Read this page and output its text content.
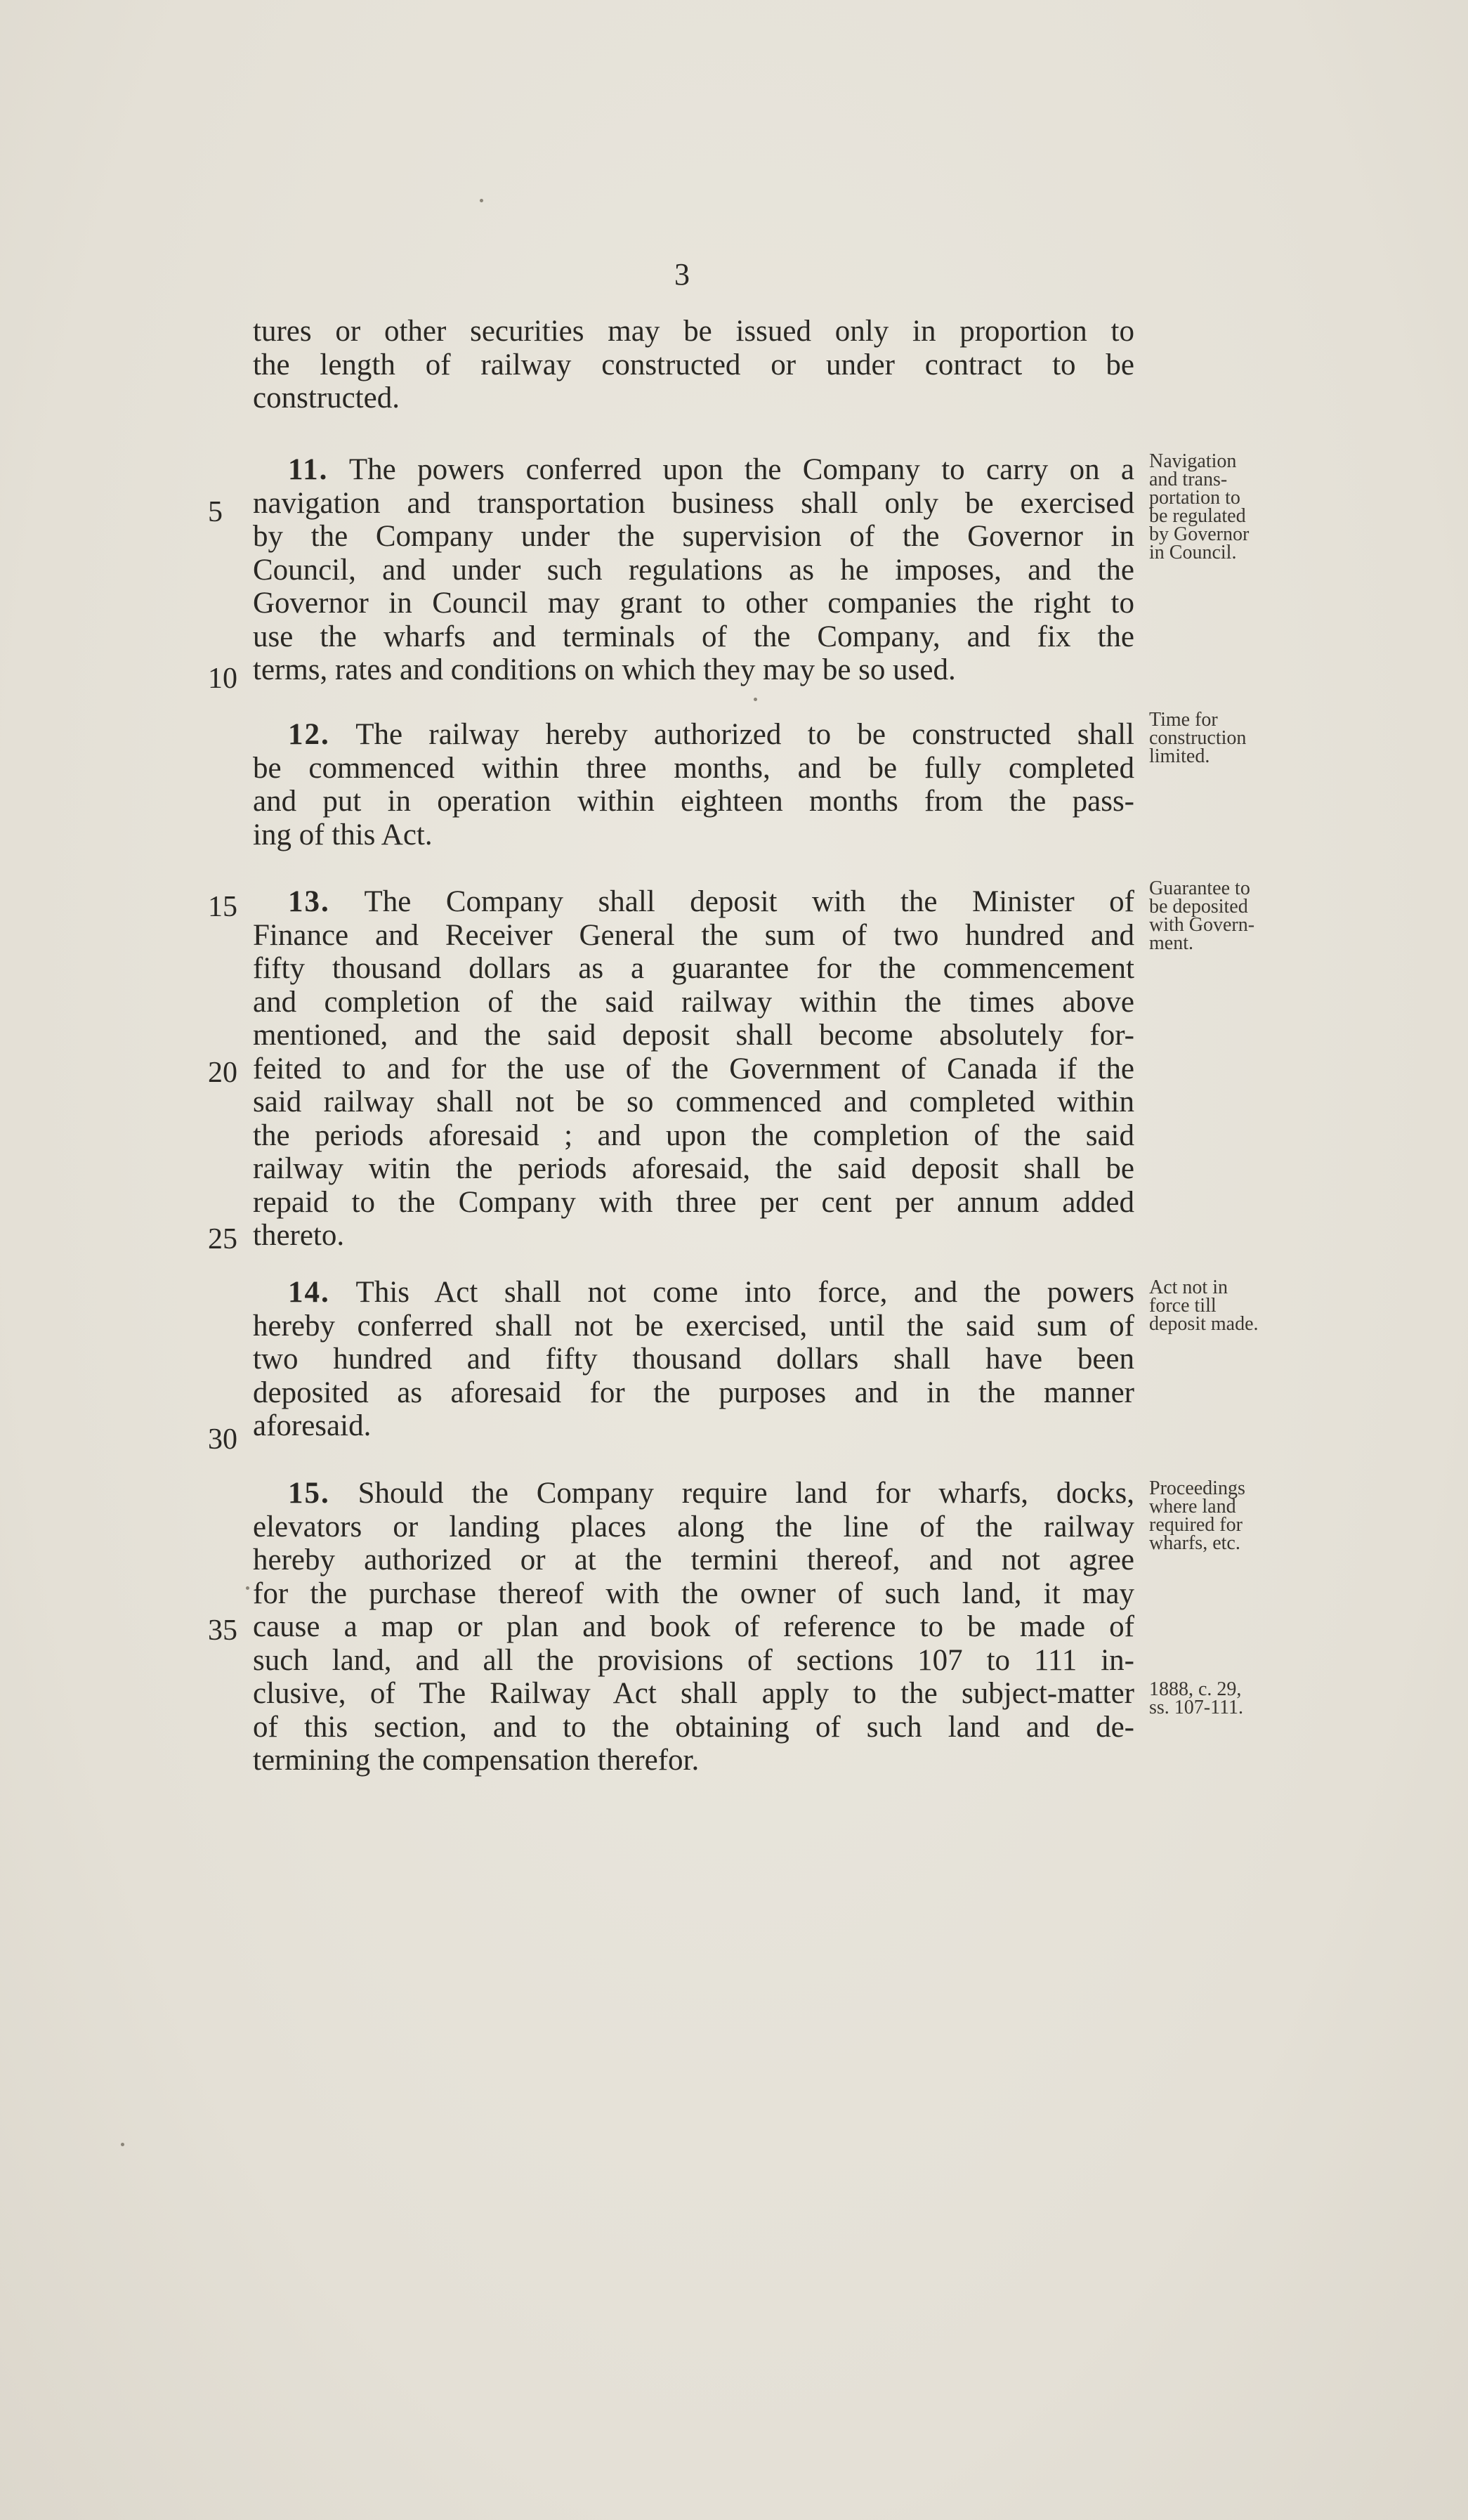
3
tures or other securities may be issued only in proportion to
the length of railway constructed or under contract to be
constructed.
11. The powers conferred upon the Company to carry on a
navigation and transportation business shall only be exercised
by the Company under the supervision of the Governor in
Council, and under such regulations as he imposes, and the
Governor in Council may grant to other companies the right to
use the wharfs and terminals of the Company, and fix the
terms, rates and conditions on which they may be so used.
Navigation
and trans-
portation to
be regulated
by Governor
in Council.
12. The railway hereby authorized to be constructed shall
be commenced within three months, and be fully completed
and put in operation within eighteen months from the pass-
ing of this Act.
Time for
construction
limited.
13. The Company shall deposit with the Minister of
Finance and Receiver General the sum of two hundred and
fifty thousand dollars as a guarantee for the commencement
and completion of the said railway within the times above
mentioned, and the said deposit shall become absolutely for-
feited to and for the use of the Government of Canada if the
said railway shall not be so commenced and completed within
the periods aforesaid ; and upon the completion of the said
railway witin the periods aforesaid, the said deposit shall be
repaid to the Company with three per cent per annum added
thereto.
Guarantee to
be deposited
with Govern-
ment.
14. This Act shall not come into force, and the powers
hereby conferred shall not be exercised, until the said sum of
two hundred and fifty thousand dollars shall have been
deposited as aforesaid for the purposes and in the manner
aforesaid.
Act not in
force till
deposit made.
15. Should the Company require land for wharfs, docks,
elevators or landing places along the line of the railway
hereby authorized or at the termini thereof, and not agree
for the purchase thereof with the owner of such land, it may
cause a map or plan and book of reference to be made of
such land, and all the provisions of sections 107 to 111 in-
clusive, of The Railway Act shall apply to the subject-matter
of this section, and to the obtaining of such land and de-
termining the compensation therefor.
Proceedings
where land
required for
wharfs, etc.
1888, c. 29,
ss. 107-111.
5
10
15
20
25
30
35
